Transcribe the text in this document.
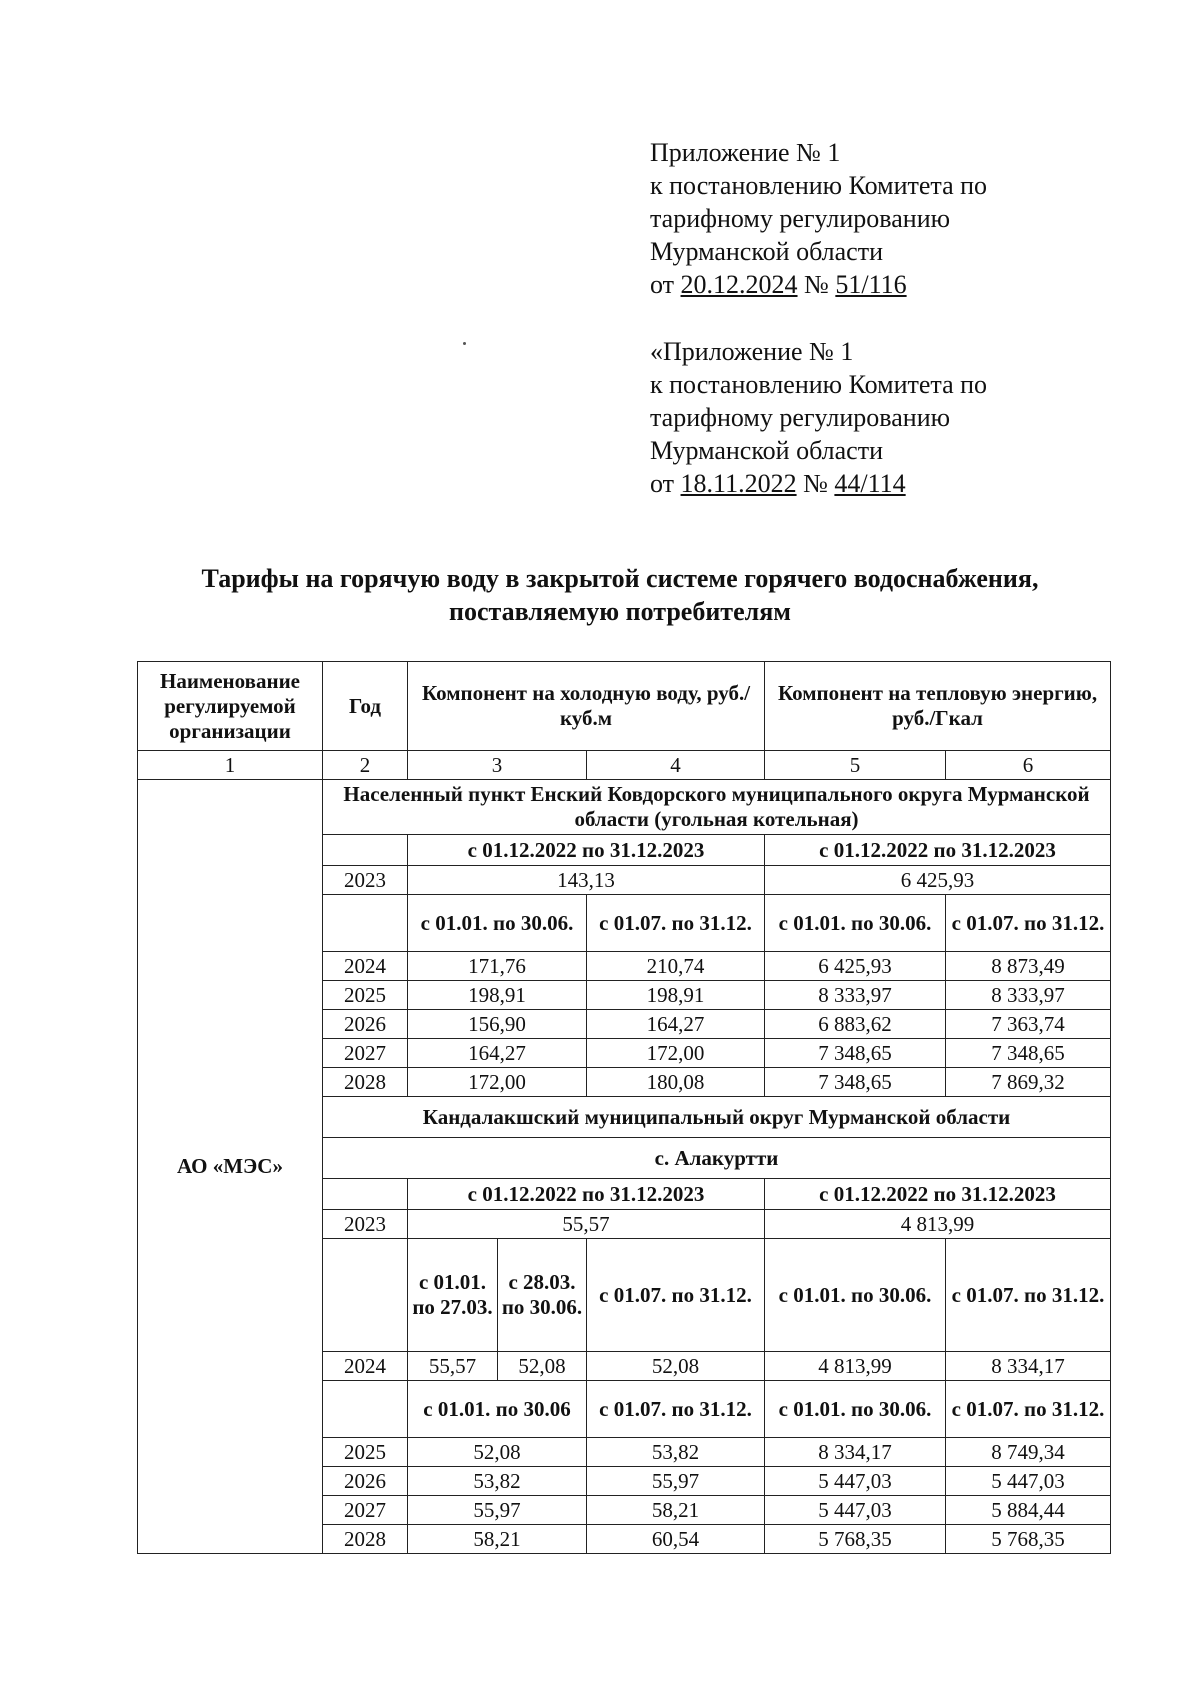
Приложение № 1
к постановлению Комитета по
тарифному регулированию
Мурманской области
от 20.12.2024 № 51/116
«Приложение № 1
к постановлению Комитета по
тарифному регулированию
Мурманской области
от 18.11.2022 № 44/114
Тарифы на горячую воду в закрытой системе горячего водоснабжения,
поставляемую потребителям
Наименование регулируемой организации	Год	Компонент на холодную воду, руб./куб.м			Компонент на тепловую энергию, руб./Гкал	
1	2	3		4	5	6
АО «МЭС»	Населенный пункт Енский Ковдорского муниципального округа Мурманской области (угольная котельная)					
		с 01.12.2022 по 31.12.2023			с 01.12.2022 по 31.12.2023	
	2023	143,13			6 425,93	
		с 01.01. по 30.06.		с 01.07. по 31.12.	с 01.01. по 30.06.	с 01.07. по 31.12.
	2024	171,76		210,74	6 425,93	8 873,49
	2025	198,91		198,91	8 333,97	8 333,97
	2026	156,90		164,27	6 883,62	7 363,74
	2027	164,27		172,00	7 348,65	7 348,65
	2028	172,00		180,08	7 348,65	7 869,32
	Кандалакшский муниципальный округ Мурманской области					
	с. Алакуртти					
		с 01.12.2022 по 31.12.2023			с 01.12.2022 по 31.12.2023	
	2023	55,57			4 813,99	
		с 01.01. по 27.03.	с 28.03. по 30.06.	с 01.07. по 31.12.	с 01.01. по 30.06.	с 01.07. по 31.12.
	2024	55,57	52,08	52,08	4 813,99	8 334,17
		с 01.01. по 30.06		с 01.07. по 31.12.	с 01.01. по 30.06.	с 01.07. по 31.12.
	2025	52,08		53,82	8 334,17	8 749,34
	2026	53,82		55,97	5 447,03	5 447,03
	2027	55,97		58,21	5 447,03	5 884,44
	2028	58,21		60,54	5 768,35	5 768,35
